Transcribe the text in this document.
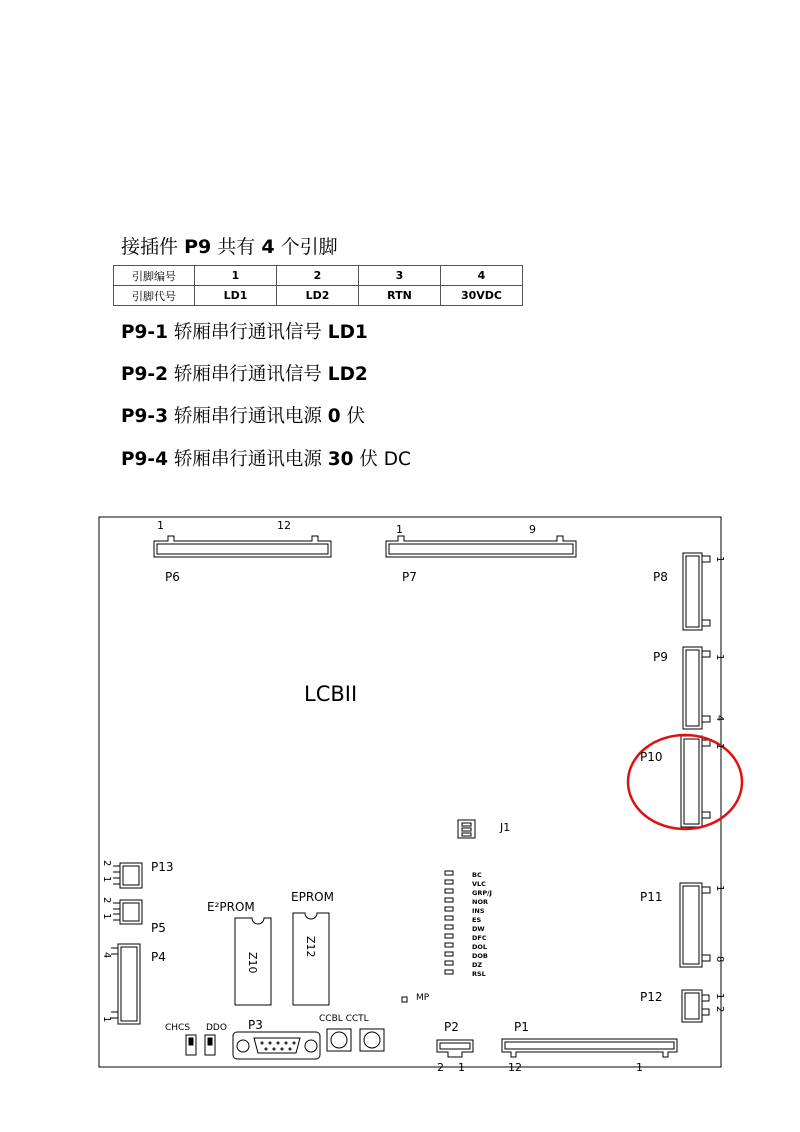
接插件 P9 共有 4 个引脚
引脚编号	1	2	3	4
引脚代号	LD1	LD2	RTN	30VDC
P9-1 轿厢串行通讯信号 LD1
P9-2 轿厢串行通讯信号 LD2
P9-3 轿厢串行通讯电源 0 伏
P9-4 轿厢串行通讯电源 30 伏 DC
LCBII
1	12
P6
1	9
P7	P8
1
P9	1
4
P10
1
P11
1
8
P12	1
2
P13
2
1
P5
2
1
P4
4
1
E²PROM
Z10
EPROM
Z12
J1
BC
VLC
GRP/J
NOR
INS
ES
DW
DFC
DOL
DOB
DZ
RSL
MP
CHCS DDO P3	CCBL CCTL
P2
2 1
P1
12	1
